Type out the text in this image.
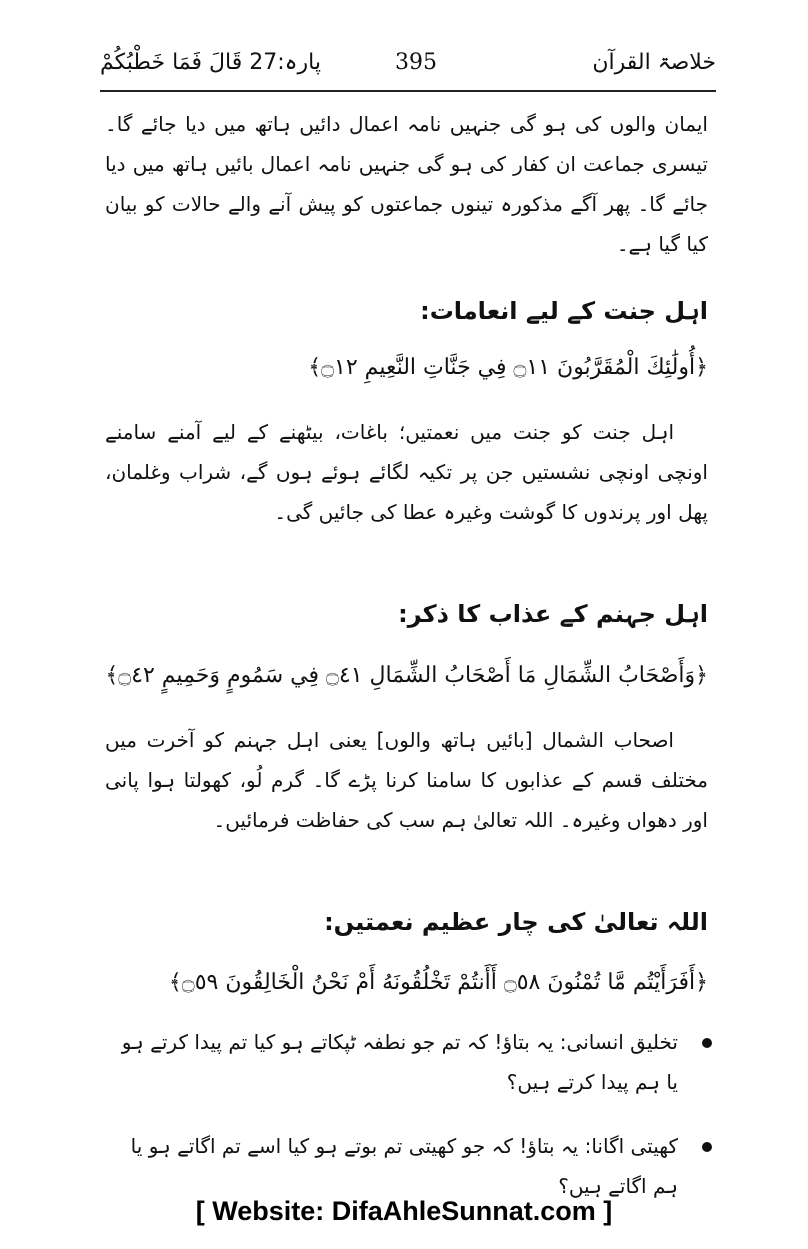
خلاصۃ القرآن
395
پارہ:27 قَالَ فَمَا خَطْبُكُمْ
ایمان والوں کی ہو گی جنہیں نامہ اعمال دائیں ہاتھ میں دیا جائے گا۔ تیسری جماعت ان کفار کی ہو گی جنہیں نامہ اعمال بائیں ہاتھ میں دیا جائے گا۔ پھر آگے مذکورہ تینوں جماعتوں کو پیش آنے والے حالات کو بیان کیا گیا ہے۔
اہل جنت کے لیے انعامات:
﴿أُولَٰئِكَ الْمُقَرَّبُونَ ۝١١ فِي جَنَّاتِ النَّعِيمِ ۝١٢﴾
اہل جنت کو جنت میں نعمتیں؛ باغات، بیٹھنے کے لیے آمنے سامنے اونچی اونچی نشستیں جن پر تکیہ لگائے ہوئے ہوں گے، شراب وغلمان، پھل اور پرندوں کا گوشت وغیرہ عطا کی جائیں گی۔
اہل جہنم کے عذاب کا ذکر:
﴿وَأَصْحَابُ الشِّمَالِ مَا أَصْحَابُ الشِّمَالِ ۝٤١ فِي سَمُومٍ وَحَمِيمٍ ۝٤٢﴾
اصحاب الشمال [بائیں ہاتھ والوں] یعنی اہل جہنم کو آخرت میں مختلف قسم کے عذابوں کا سامنا کرنا پڑے گا۔ گرم لُو، کھولتا ہوا پانی اور دھواں وغیرہ۔ اللہ تعالیٰ ہم سب کی حفاظت فرمائیں۔
اللہ تعالیٰ کی چار عظیم نعمتیں:
﴿أَفَرَأَيْتُم مَّا تُمْنُونَ ۝٥٨ أَأَنتُمْ تَخْلُقُونَهُ أَمْ نَحْنُ الْخَالِقُونَ ۝٥٩﴾
تخلیق انسانی: یہ بتاؤ! کہ تم جو نطفہ ٹپکاتے ہو کیا تم پیدا کرتے ہو یا ہم پیدا کرتے ہیں؟
کھیتی اگانا: یہ بتاؤ! کہ جو کھیتی تم بوتے ہو کیا اسے تم اگاتے ہو یا ہم اگاتے ہیں؟
[ Website: DifaAhleSunnat.com ]
